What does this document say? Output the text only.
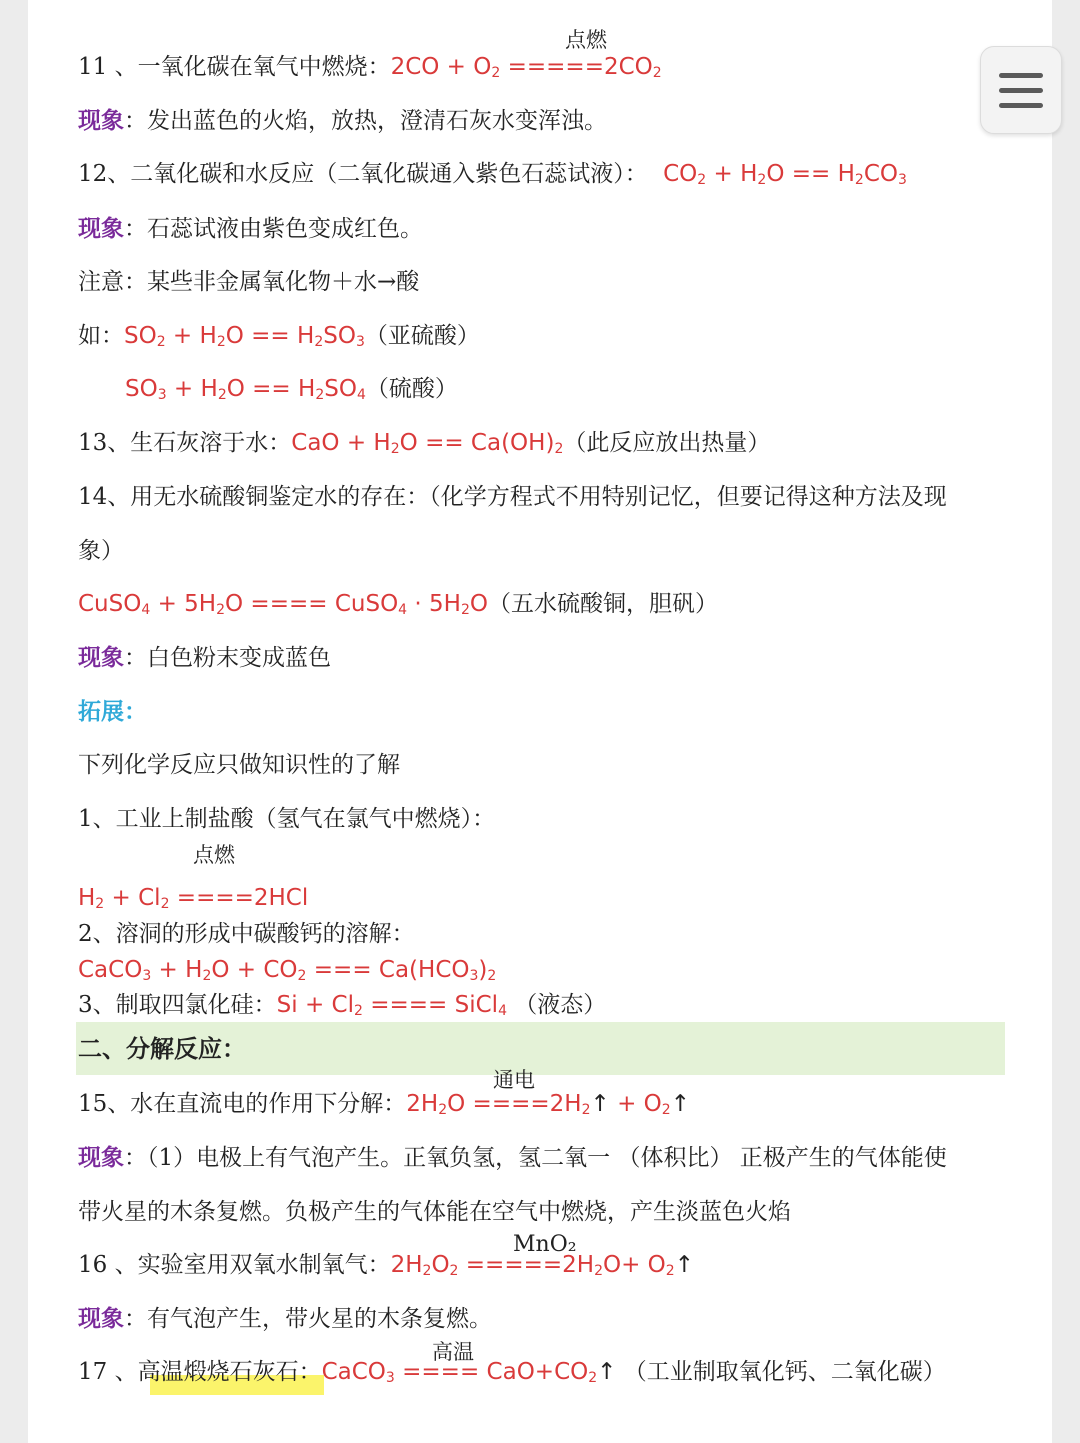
点燃
11 、一氧化碳在氧气中燃烧：$2CO + O_2 =====2CO_2$
现象：发出蓝色的火焰，放热，澄清石灰水变浑浊。
12、二氧化碳和水反应（二氧化碳通入紫色石蕊试液）： $CO_2 + H_2O == H_2CO_3$
现象：石蕊试液由紫色变成红色。
注意：某些非金属氧化物＋水→酸
如：$SO_2 + H_2O == H_2SO_3$（亚硫酸）
$SO_3 + H_2O == H_2SO_4$（硫酸）
13、生石灰溶于水：CaO + $H_2O == Ca(OH)_2$（此反应放出热量）
14、用无水硫酸铜鉴定水的存在：（化学方程式不用特别记忆，但要记得这种方法及现
象）
CuSO$_4$ + $5H_2O$ ==== CuSO$_4$ · $5H_2O$（五水硫酸铜，胆矾）
现象：白色粉末变成蓝色
拓展：
下列化学反应只做知识性的了解
1、工业上制盐酸（氢气在氯气中燃烧）：
点燃
$H_2 + Cl_2 ====2HCl$
2、溶洞的形成中碳酸钙的溶解：
CaCO$_3$ + $H_2O + CO_2$ === $Ca(HCO_3)_2$
3、制取四氯化硅：$Si + Cl_2$ ==== SiCl$_4$ （液态）
二、分解反应：
通电
15、水在直流电的作用下分解：$2H_2O$ $====2H_2↑$ + $O_2↑$
现象：（1）电极上有气泡产生。正氧负氢，氢二氧一 （体积比） 正极产生的气体能使
带火星的木条复燃。负极产生的气体能在空气中燃烧，产生淡蓝色火焰
MnO₂
16 、实验室用双氧水制氧气：$2H_2O_2 =====2H_2O+$ $O_2↑$
现象：有气泡产生，带火星的木条复燃。
高温
17 、高温煅烧石灰石：CaCO$_3$ ==== $CaO+CO_2↑$ （工业制取氧化钙、二氧化碳）
